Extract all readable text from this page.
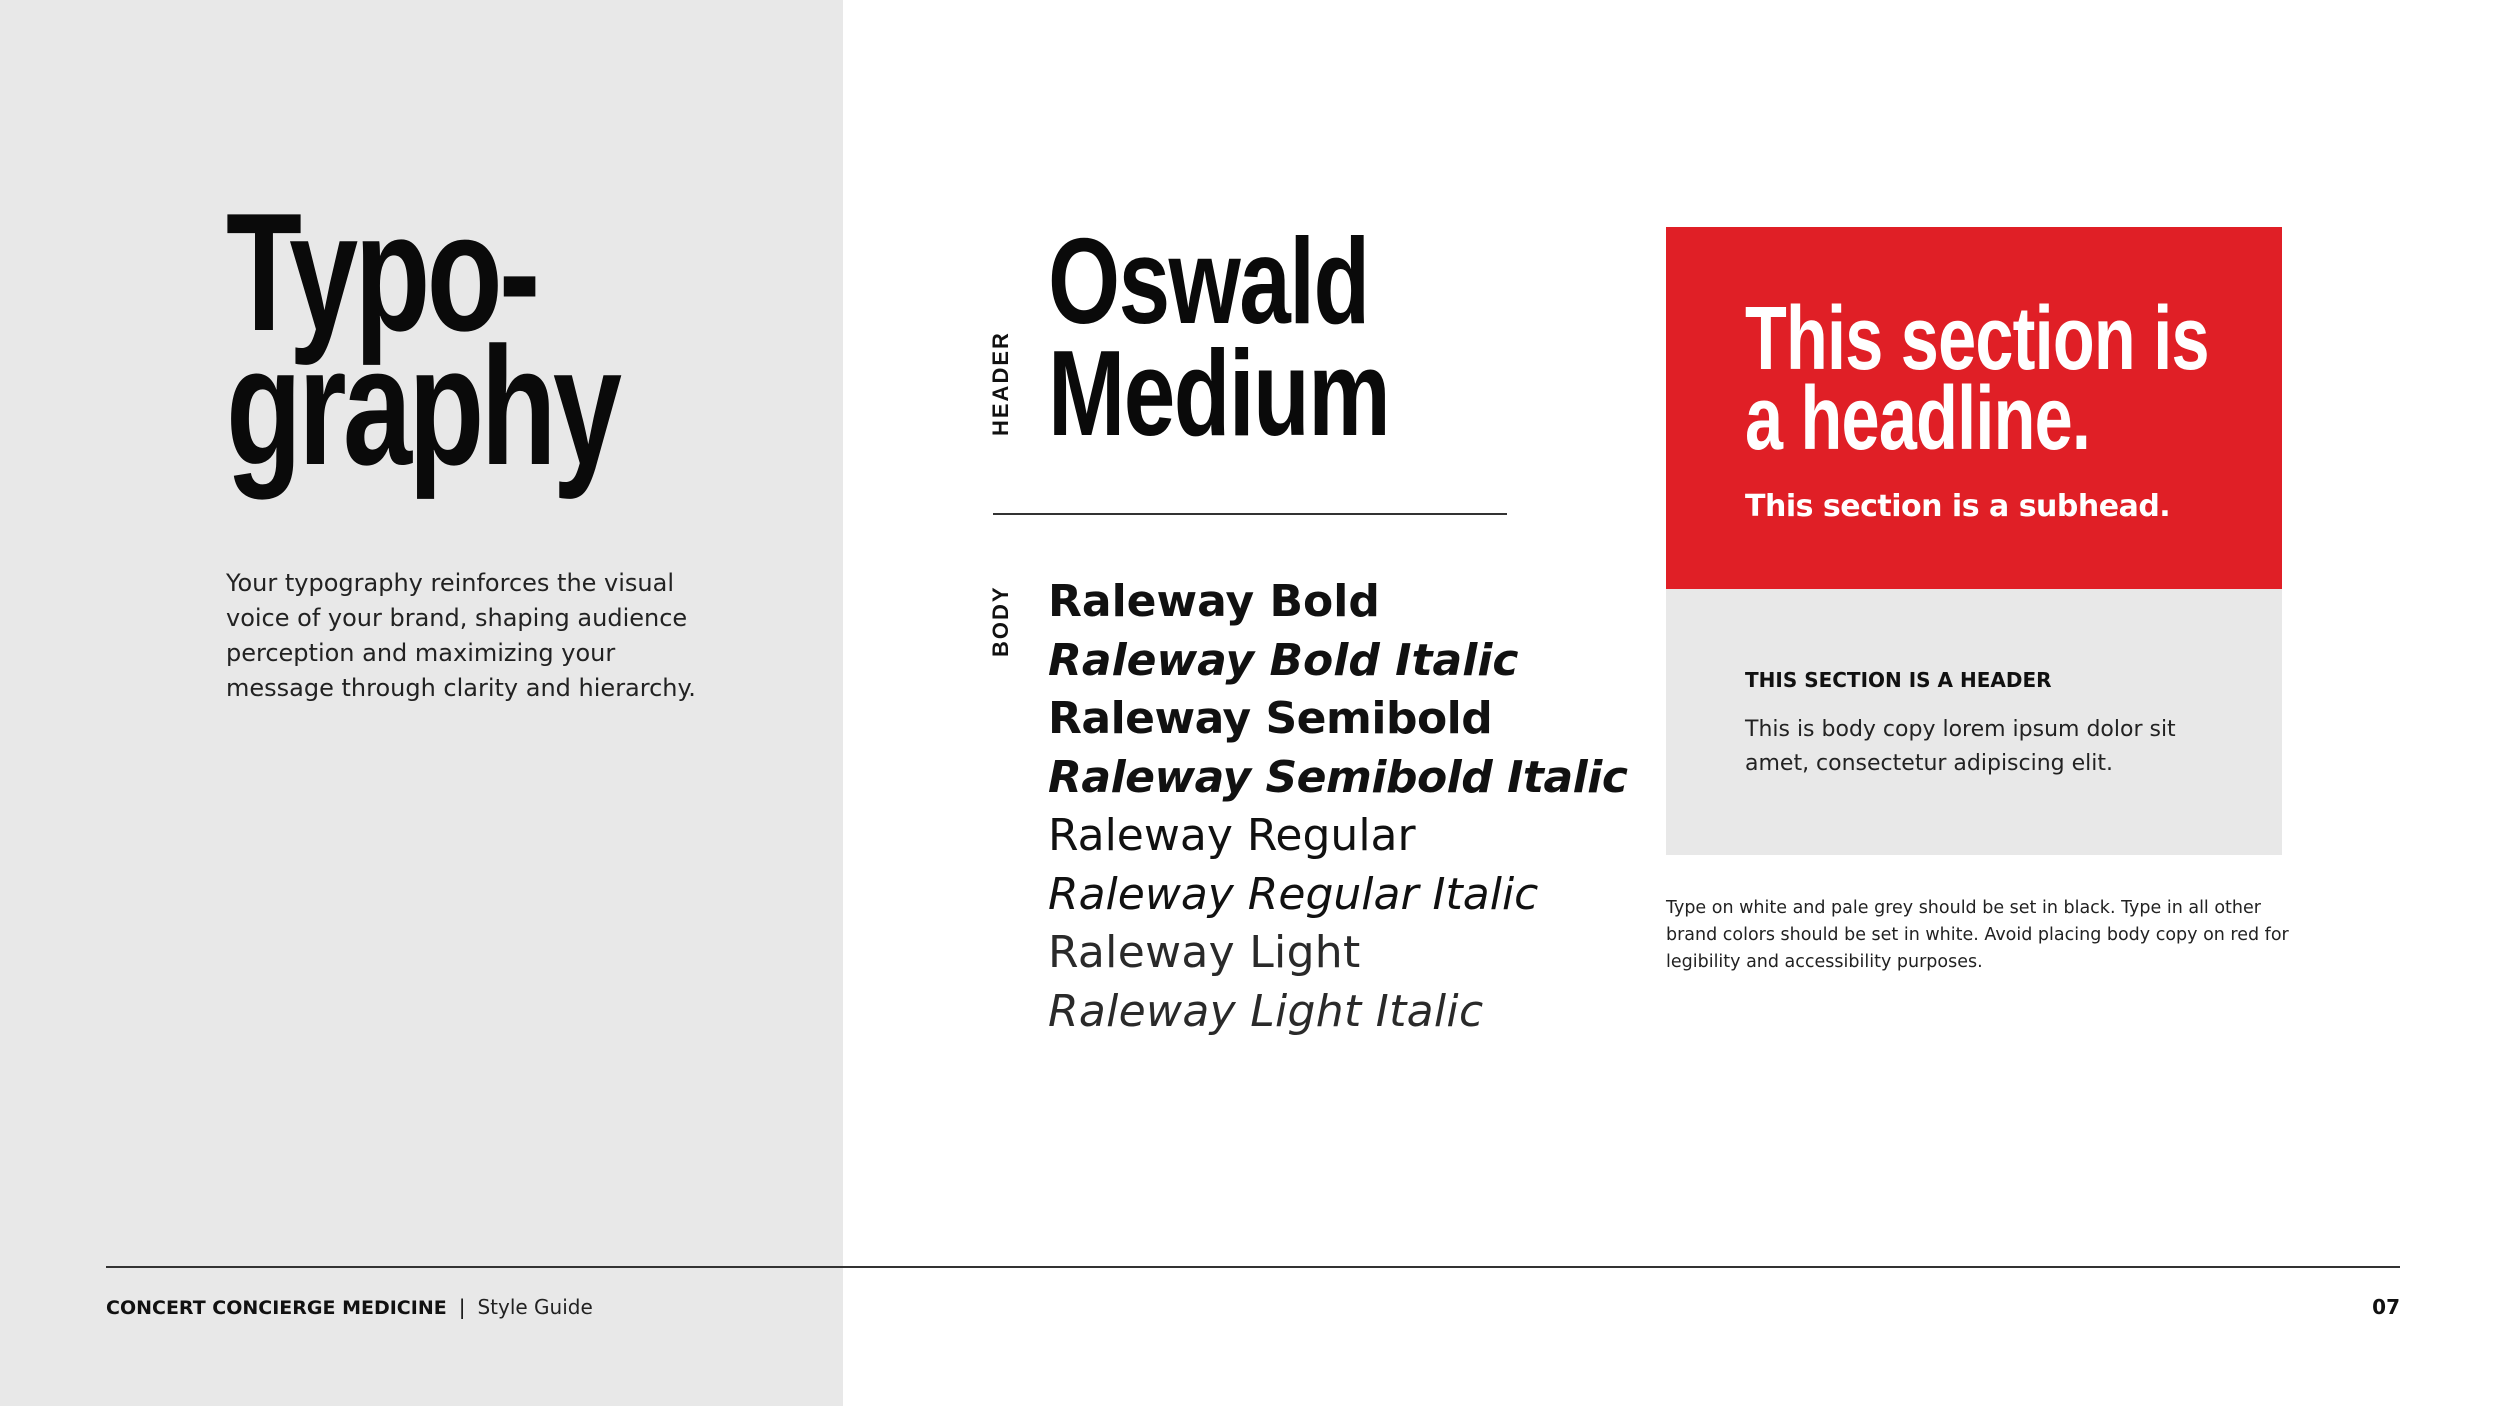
Typo-
graphy

Your typography reinforces the visual voice of your brand, shaping audience perception and maximizing your message through clarity and hierarchy.

HEADER
Oswald
Medium
BODY Raleway Bold
Raleway Bold Italic
Raleway Semibold
Raleway Semibold Italic
Raleway Regular
Raleway Regular Italic
Raleway Light
Raleway Light Italic
This section is
a headline.

This section is a subhead.

THIS SECTION IS A HEADER

This is body copy lorem ipsum dolor sit amet, consectetur adipiscing elit.

Type on white and pale grey should be set in black. Type in all other brand colors should be set in white. Avoid placing body copy on red for legibility and accessibility purposes.

CONCERT CONCIERGE MEDICINE | Style Guide	07
